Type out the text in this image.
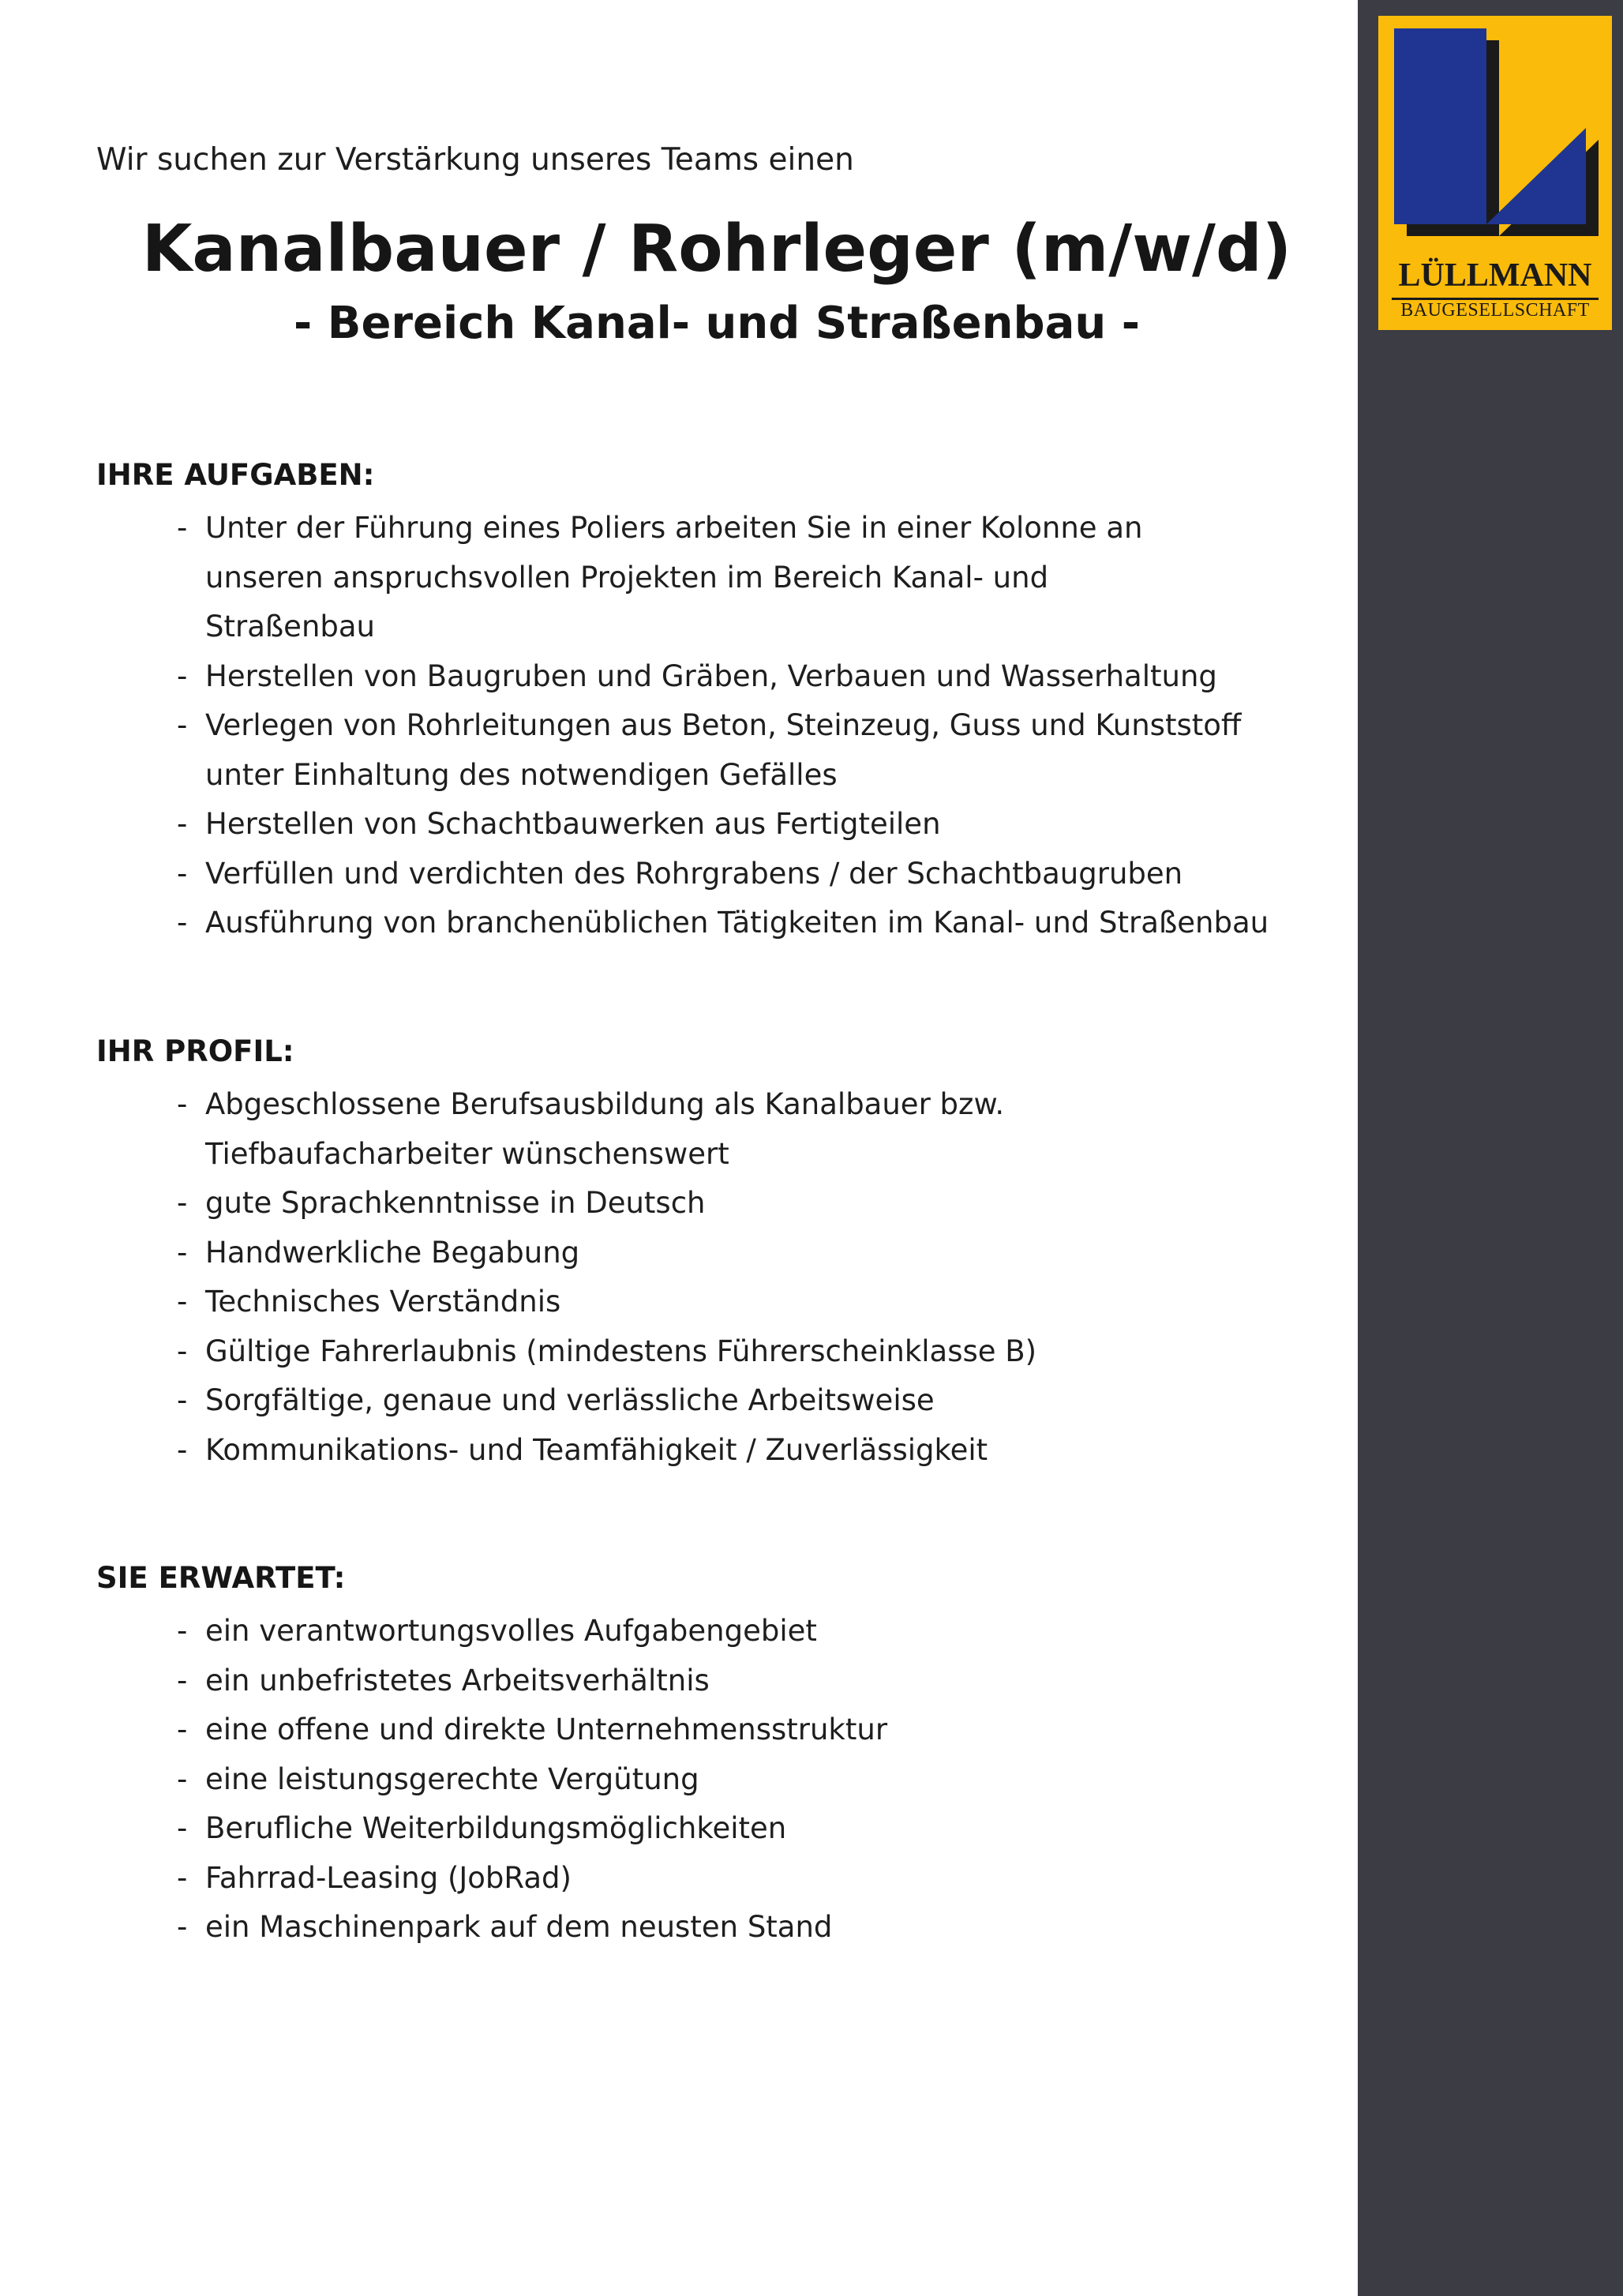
Wir suchen zur Verstärkung unseres Teams einen
Kanalbauer / Rohrleger (m/w/d)
- Bereich Kanal- und Straßenbau -
IHRE AUFGABEN:
- Unter der Führung eines Poliers arbeiten Sie in einer Kolonne an
unseren anspruchsvollen Projekten im Bereich Kanal- und
Straßenbau
- Herstellen von Baugruben und Gräben, Verbauen und Wasserhaltung
- Verlegen von Rohrleitungen aus Beton, Steinzeug, Guss und Kunststoff
unter Einhaltung des notwendigen Gefälles
- Herstellen von Schachtbauwerken aus Fertigteilen
- Verfüllen und verdichten des Rohrgrabens / der Schachtbaugruben
- Ausführung von branchenüblichen Tätigkeiten im Kanal- und Straßenbau
IHR PROFIL:
- Abgeschlossene Berufsausbildung als Kanalbauer bzw.
Tiefbaufacharbeiter wünschenswert
- gute Sprachkenntnisse in Deutsch
- Handwerkliche Begabung
- Technisches Verständnis
- Gültige Fahrerlaubnis (mindestens Führerscheinklasse B)
- Sorgfältige, genaue und verlässliche Arbeitsweise
- Kommunikations- und Teamfähigkeit / Zuverlässigkeit
SIE ERWARTET:
- ein verantwortungsvolles Aufgabengebiet
- ein unbefristetes Arbeitsverhältnis
- eine offene und direkte Unternehmensstruktur
- eine leistungsgerechte Vergütung
- Berufliche Weiterbildungsmöglichkeiten
- Fahrrad-Leasing (JobRad)
- ein Maschinenpark auf dem neusten Stand
LÜLLMANN
BAUGESELLSCHAFT
